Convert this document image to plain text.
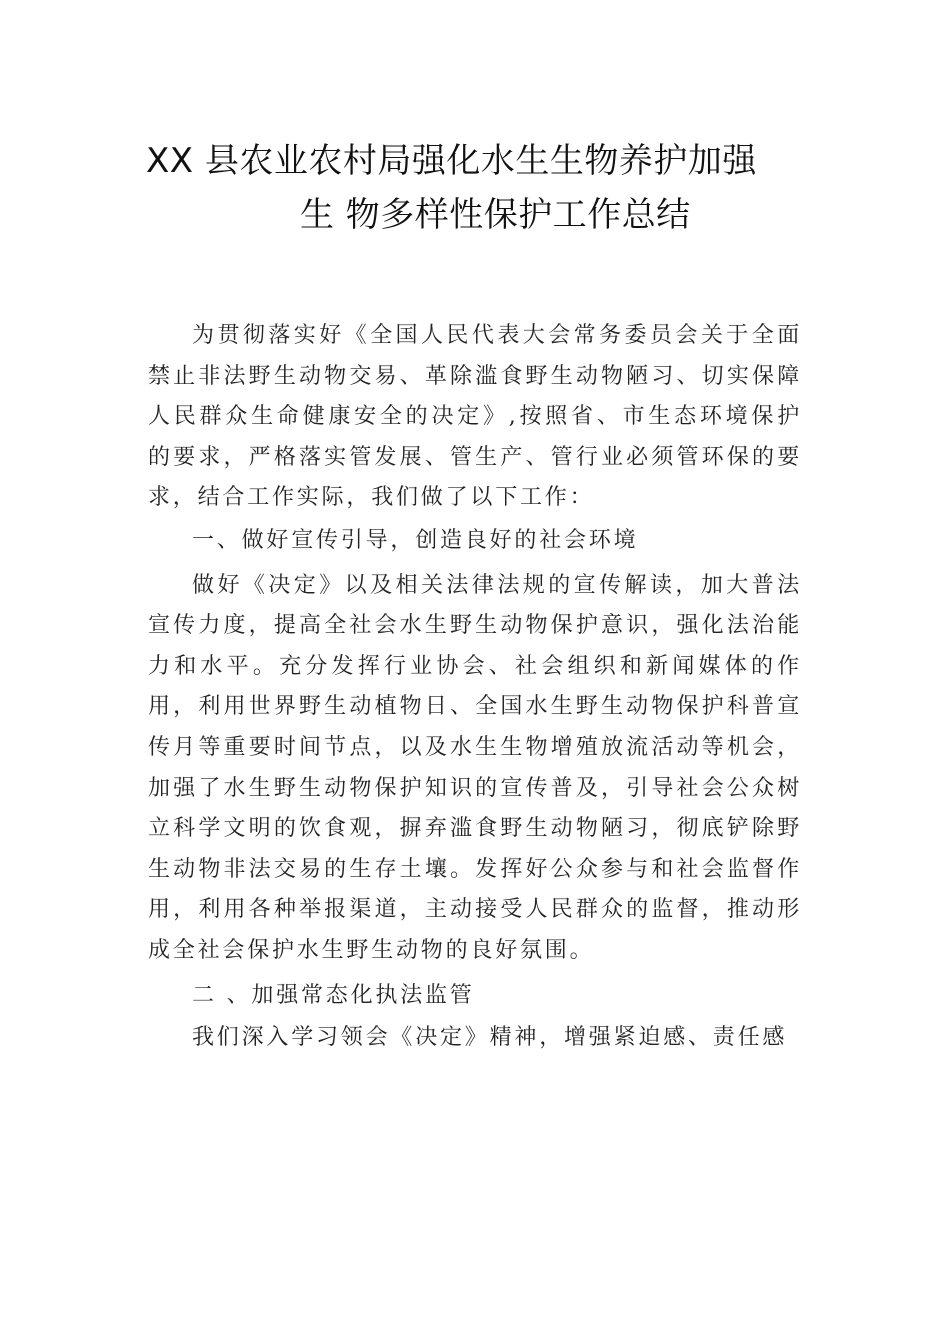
XX 县农业农村局强化水生生物养护加强
生 物多样性保护工作总结

为贯彻落实好《全国人民代表大会常务委员会关于全面禁止非法野生动物交易、革除滥食野生动物陋习、切实保障人民群众生命健康安全的决定》,按照省、市生态环境保护的要求，严格落实管发展、管生产、管行业必须管环保的要求，结合工作实际，我们做了以下工作：

一、做好宣传引导，创造良好的社会环境

做好《决定》以及相关法律法规的宣传解读，加大普法宣传力度，提高全社会水生野生动物保护意识，强化法治能力和水平。充分发挥行业协会、社会组织和新闻媒体的作用，利用世界野生动植物日、全国水生野生动物保护科普宣传月等重要时间节点，以及水生生物增殖放流活动等机会，加强了水生野生动物保护知识的宣传普及，引导社会公众树立科学文明的饮食观，摒弃滥食野生动物陋习，彻底铲除野生动物非法交易的生存土壤。发挥好公众参与和社会监督作用，利用各种举报渠道，主动接受人民群众的监督，推动形成全社会保护水生野生动物的良好氛围。

二 、加强常态化执法监管

我们深入学习领会《决定》精神，增强紧迫感、责任感
